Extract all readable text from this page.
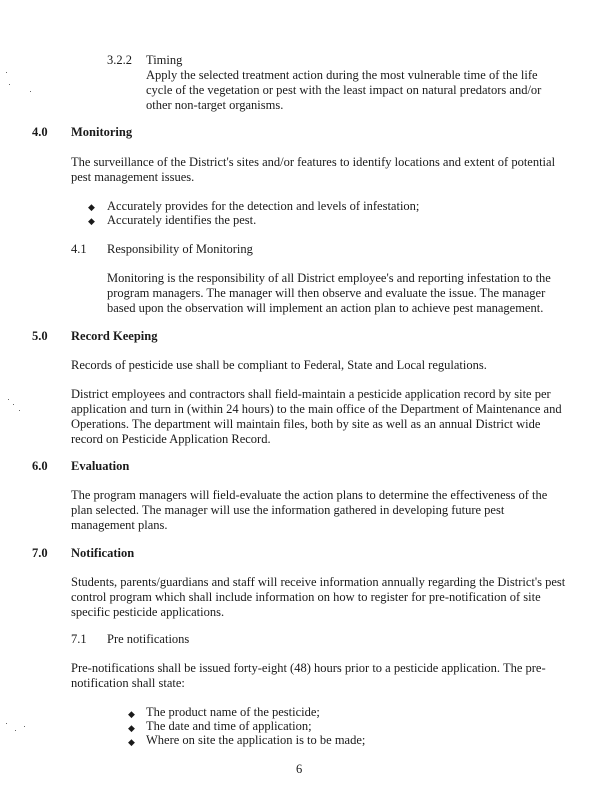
3.2.2 Timing
Apply the selected treatment action during the most vulnerable time of the life
cycle of the vegetation or pest with the least impact on natural predators and/or
other non-target organisms.
4.0 Monitoring
The surveillance of the District's sites and/or features to identify locations and extent of potential
pest management issues.
◆ Accurately provides for the detection and levels of infestation;
◆ Accurately identifies the pest.
4.1 Responsibility of Monitoring
Monitoring is the responsibility of all District employee's and reporting infestation to the
program managers. The manager will then observe and evaluate the issue. The manager
based upon the observation will implement an action plan to achieve pest management.
5.0 Record Keeping
Records of pesticide use shall be compliant to Federal, State and Local regulations.
District employees and contractors shall field-maintain a pesticide application record by site per
application and turn in (within 24 hours) to the main office of the Department of Maintenance and
Operations. The department will maintain files, both by site as well as an annual District wide
record on Pesticide Application Record.
6.0 Evaluation
The program managers will field-evaluate the action plans to determine the effectiveness of the
plan selected. The manager will use the information gathered in developing future pest
management plans.
7.0 Notification
Students, parents/guardians and staff will receive information annually regarding the District's pest
control program which shall include information on how to register for pre-notification of site
specific pesticide applications.
7.1 Pre notifications
Pre-notifications shall be issued forty-eight (48) hours prior to a pesticide application. The pre-
notification shall state:
◆ The product name of the pesticide;
◆ The date and time of application;
◆ Where on site the application is to be made;
6
